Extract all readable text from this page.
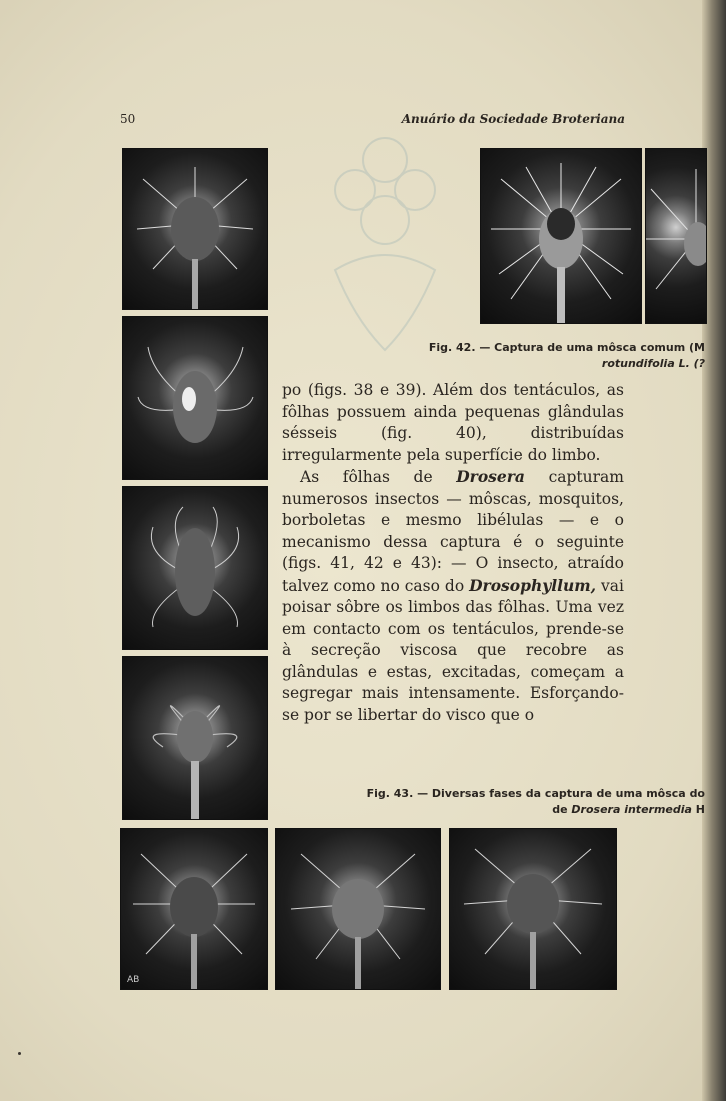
50	Anuário da Sociedade Broteriana
Fig. 42. — Captura de uma môsca comum (M
rotundifolia L. (?
AB

po (figs. 38 e 39). Além dos tentáculos, as fôlhas possuem ainda pequenas glândulas sésseis (fig. 40), distribuídas irregularmente pela superfície do limbo.

As fôlhas de Drosera capturam numerosos insectos — môscas, mosquitos, borboletas e mesmo libélulas — e o mecanismo dessa captura é o seguinte (figs. 41, 42 e 43): — O insecto, atraído talvez como no caso do Drosophyllum, vai poisar sôbre os limbos das fôlhas. Uma vez em contacto com os tentáculos, prende-se à secreção viscosa que recobre as glândulas e estas, excitadas, começam a segregar mais intensamente. Esforçando-se por se libertar do visco que o

Fig. 43. — Diversas fases da captura de uma môsca do
de Drosera intermedia H
